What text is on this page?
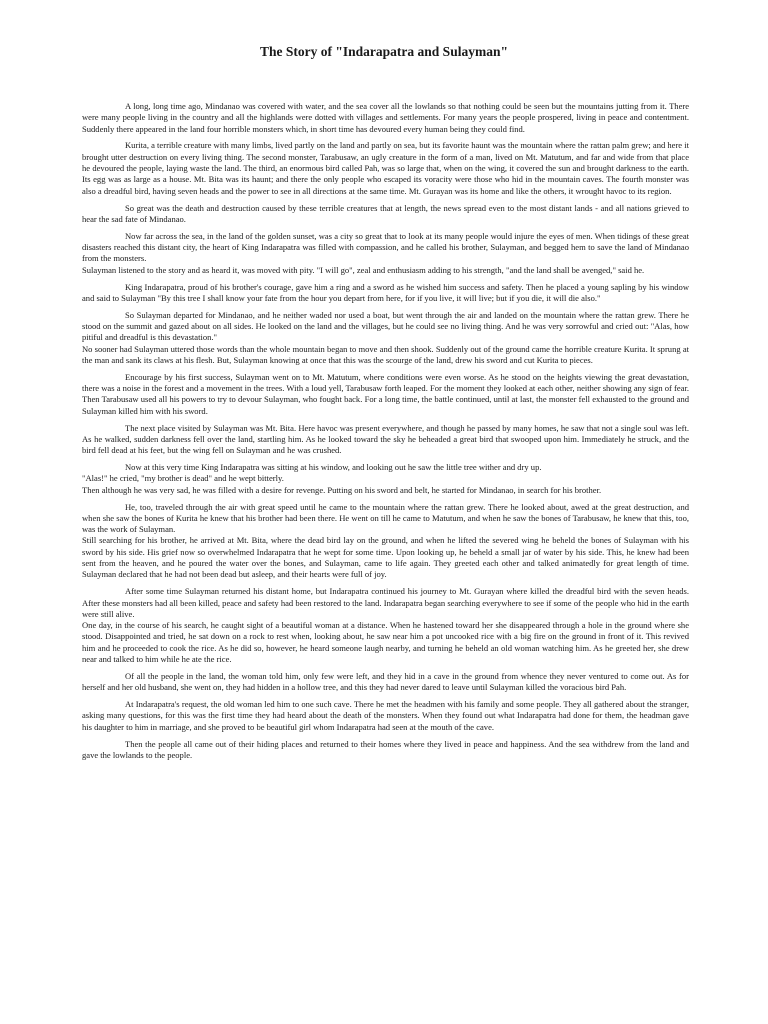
The Story of "Indarapatra and Sulayman"

A long, long time ago, Mindanao was covered with water, and the sea cover all the lowlands so that nothing could be seen but the mountains jutting from it. There were many people living in the country and all the highlands were dotted with villages and settlements. For many years the people prospered, living in peace and contentment. Suddenly there appeared in the land four horrible monsters which, in short time has devoured every human being they could find.

Kurita, a terrible creature with many limbs, lived partly on the land and partly on sea, but its favorite haunt was the mountain where the rattan palm grew; and here it brought utter destruction on every living thing. The second monster, Tarabusaw, an ugly creature in the form of a man, lived on Mt. Matutum, and far and wide from that place he devoured the people, laying waste the land. The third, an enormous bird called Pah, was so large that, when on the wing, it covered the sun and brought darkness to the earth. Its egg was as large as a house. Mt. Bita was its haunt; and there the only people who escaped its voracity were those who hid in the mountain caves. The fourth monster was also a dreadful bird, having seven heads and the power to see in all directions at the same time. Mt. Gurayan was its home and like the others, it wrought havoc to its region.

So great was the death and destruction caused by these terrible creatures that at length, the news spread even to the most distant lands - and all nations grieved to hear the sad fate of Mindanao.

Now far across the sea, in the land of the golden sunset, was a city so great that to look at its many people would injure the eyes of men. When tidings of these great disasters reached this distant city, the heart of King Indarapatra was filled with compassion, and he called his brother, Sulayman, and begged hem to save the land of Mindanao from the monsters.

Sulayman listened to the story and as heard it, was moved with pity. "I will go", zeal and enthusiasm adding to his strength, "and the land shall be avenged," said he.

King Indarapatra, proud of his brother's courage, gave him a ring and a sword as he wished him success and safety. Then he placed a young sapling by his window and said to Sulayman "By this tree I shall know your fate from the hour you depart from here, for if you live, it will live; but if you die, it will die also."

So Sulayman departed for Mindanao, and he neither waded nor used a boat, but went through the air and landed on the mountain where the rattan grew. There he stood on the summit and gazed about on all sides. He looked on the land and the villages, but he could see no living thing. And he was very sorrowful and cried out: "Alas, how pitiful and dreadful is this devastation."

No sooner had Sulayman uttered those words than the whole mountain began to move and then shook. Suddenly out of the ground came the horrible creature Kurita. It sprung at the man and sank its claws at his flesh. But, Sulayman knowing at once that this was the scourge of the land, drew his sword and cut Kurita to pieces.

Encourage by his first success, Sulayman went on to Mt. Matutum, where conditions were even worse. As he stood on the heights viewing the great devastation, there was a noise in the forest and a movement in the trees. With a loud yell, Tarabusaw forth leaped. For the moment they looked at each other, neither showing any sign of fear. Then Tarabusaw used all his powers to try to devour Sulayman, who fought back. For a long time, the battle continued, until at last, the monster fell exhausted to the ground and Sulayman killed him with his sword.

The next place visited by Sulayman was Mt. Bita. Here havoc was present everywhere, and though he passed by many homes, he saw that not a single soul was left. As he walked, sudden darkness fell over the land, startling him. As he looked toward the sky he beheaded a great bird that swooped upon him. Immediately he struck, and the bird fell dead at his feet, but the wing fell on Sulayman and he was crushed.

Now at this very time King Indarapatra was sitting at his window, and looking out he saw the little tree wither and dry up.

"Alas!" he cried, "my brother is dead" and he wept bitterly.

Then although he was very sad, he was filled with a desire for revenge. Putting on his sword and belt, he started for Mindanao, in search for his brother.

He, too, traveled through the air with great speed until he came to the mountain where the rattan grew. There he looked about, awed at the great destruction, and when she saw the bones of Kurita he knew that his brother had been there. He went on till he came to Matutum, and when he saw the bones of Tarabusaw, he knew that this, too, was the work of Sulayman.

Still searching for his brother, he arrived at Mt. Bita, where the dead bird lay on the ground, and when he lifted the severed wing he beheld the bones of Sulayman with his sword by his side. His grief now so overwhelmed Indarapatra that he wept for some time. Upon looking up, he beheld a small jar of water by his side. This, he knew had been sent from the heaven, and he poured the water over the bones, and Sulayman, came to life again. They greeted each other and talked animatedly for great length of time. Sulayman declared that he had not been dead but asleep, and their hearts were full of joy.

After some time Sulayman returned his distant home, but Indarapatra continued his journey to Mt. Gurayan where killed the dreadful bird with the seven heads. After these monsters had all been killed, peace and safety had been restored to the land. Indarapatra began searching everywhere to see if some of the people who hid in the earth were still alive.

One day, in the course of his search, he caught sight of a beautiful woman at a distance. When he hastened toward her she disappeared through a hole in the ground where she stood. Disappointed and tried, he sat down on a rock to rest when, looking about, he saw near him a pot uncooked rice with a big fire on the ground in front of it. This revived him and he proceeded to cook the rice. As he did so, however, he heard someone laugh nearby, and turning he beheld an old woman watching him. As he greeted her, she drew near and talked to him while he ate the rice.

Of all the people in the land, the woman told him, only few were left, and they hid in a cave in the ground from whence they never ventured to come out. As for herself and her old husband, she went on, they had hidden in a hollow tree, and this they had never dared to leave until Sulayman killed the voracious bird Pah.

At Indarapatra's request, the old woman led him to one such cave. There he met the headmen with his family and some people. They all gathered about the stranger, asking many questions, for this was the first time they had heard about the death of the monsters. When they found out what Indarapatra had done for them, the headman gave his daughter to him in marriage, and she proved to be beautiful girl whom Indarapatra had seen at the mouth of the cave.

Then the people all came out of their hiding places and returned to their homes where they lived in peace and happiness. And the sea withdrew from the land and gave the lowlands to the people.
